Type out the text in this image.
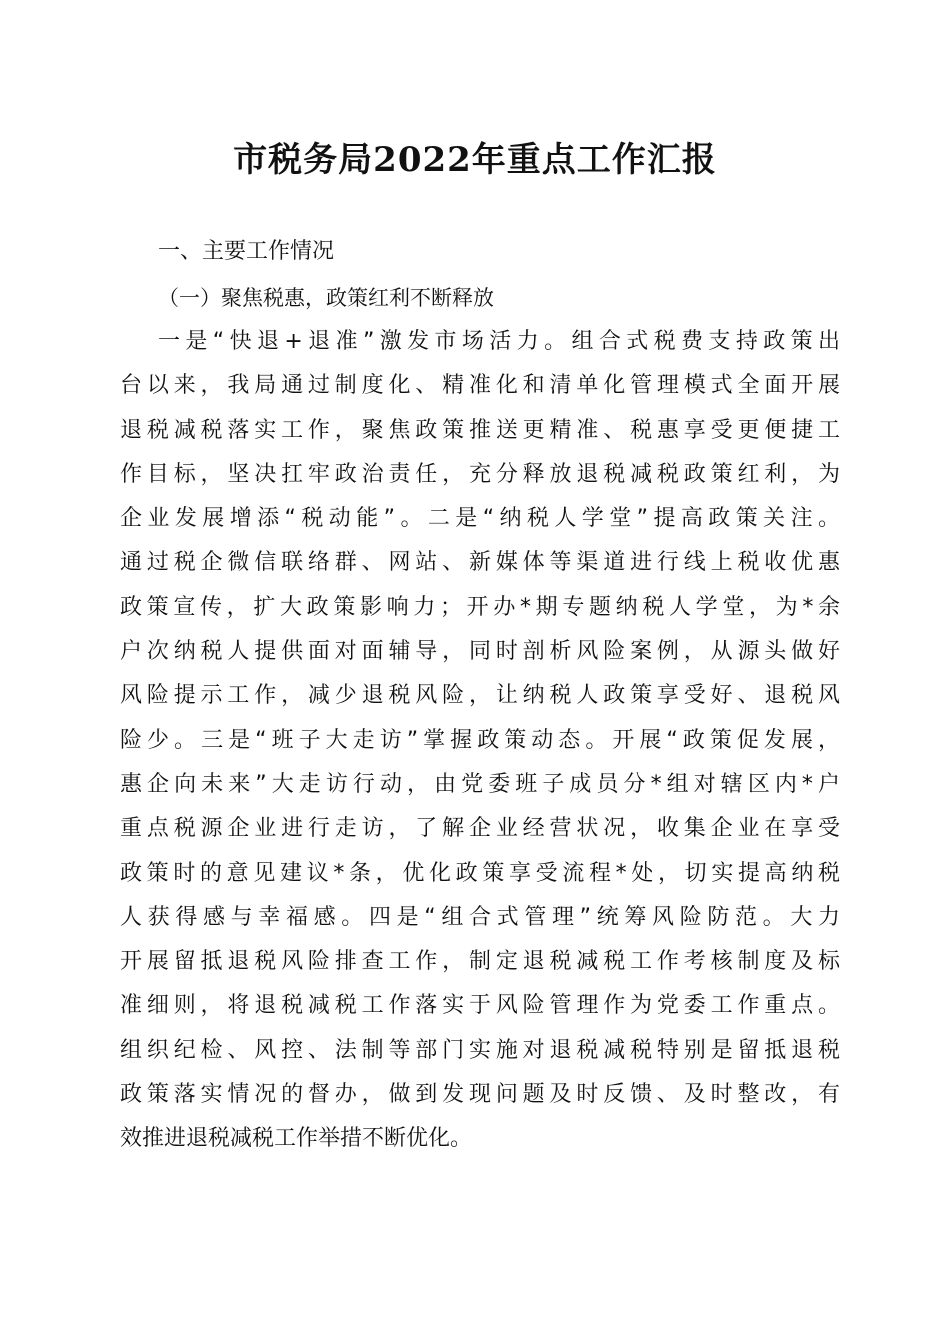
市税务局2022年重点工作汇报

一、主要工作情况

（一）聚焦税惠，政策红利不断释放

一是“快退+退准”激发市场活力。组合式税费支持政策出
台以来，我局通过制度化、精准化和清单化管理模式全面开展
退税减税落实工作，聚焦政策推送更精准、税惠享受更便捷工
作目标，坚决扛牢政治责任，充分释放退税减税政策红利，为
企业发展增添“税动能”。二是“纳税人学堂”提高政策关注。
通过税企微信联络群、网站、新媒体等渠道进行线上税收优惠
政策宣传，扩大政策影响力；开办*期专题纳税人学堂，为*余
户次纳税人提供面对面辅导，同时剖析风险案例，从源头做好
风险提示工作，减少退税风险，让纳税人政策享受好、退税风
险少。三是“班子大走访”掌握政策动态。开展“政策促发展，
惠企向未来”大走访行动，由党委班子成员分*组对辖区内*户
重点税源企业进行走访，了解企业经营状况，收集企业在享受
政策时的意见建议*条，优化政策享受流程*处，切实提高纳税
人获得感与幸福感。四是“组合式管理”统筹风险防范。大力
开展留抵退税风险排查工作，制定退税减税工作考核制度及标
准细则，将退税减税工作落实于风险管理作为党委工作重点。
组织纪检、风控、法制等部门实施对退税减税特别是留抵退税
政策落实情况的督办，做到发现问题及时反馈、及时整改，有
效推进退税减税工作举措不断优化。
